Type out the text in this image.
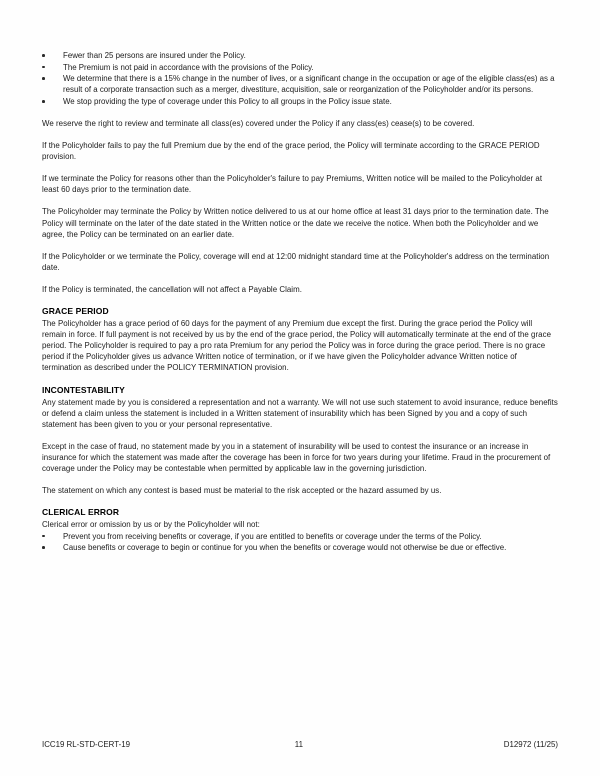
Fewer than 25 persons are insured under the Policy.
The Premium is not paid in accordance with the provisions of the Policy.
We determine that there is a 15% change in the number of lives, or a significant change in the occupation or age of the eligible class(es) as a result of a corporate transaction such as a merger, divestiture, acquisition, sale or reorganization of the Policyholder and/or its persons.
We stop providing the type of coverage under this Policy to all groups in the Policy issue state.

We reserve the right to review and terminate all class(es) covered under the Policy if any class(es) cease(s) to be covered.

If the Policyholder fails to pay the full Premium due by the end of the grace period, the Policy will terminate according to the GRACE PERIOD provision.

If we terminate the Policy for reasons other than the Policyholder's failure to pay Premiums, Written notice will be mailed to the Policyholder at least 60 days prior to the termination date.

The Policyholder may terminate the Policy by Written notice delivered to us at our home office at least 31 days prior to the termination date. The Policy will terminate on the later of the date stated in the Written notice or the date we receive the notice. When both the Policyholder and we agree, the Policy can be terminated on an earlier date.

If the Policyholder or we terminate the Policy, coverage will end at 12:00 midnight standard time at the Policyholder's address on the termination date.

If the Policy is terminated, the cancellation will not affect a Payable Claim.

GRACE PERIOD

The Policyholder has a grace period of 60 days for the payment of any Premium due except the first. During the grace period the Policy will remain in force. If full payment is not received by us by the end of the grace period, the Policy will automatically terminate at the end of the grace period. The Policyholder is required to pay a pro rata Premium for any period the Policy was in force during the grace period. There is no grace period if the Policyholder gives us advance Written notice of termination, or if we have given the Policyholder advance Written notice of termination as described under the POLICY TERMINATION provision.

INCONTESTABILITY

Any statement made by you is considered a representation and not a warranty. We will not use such statement to avoid insurance, reduce benefits or defend a claim unless the statement is included in a Written statement of insurability which has been Signed by you and a copy of such statement has been given to you or your personal representative.

Except in the case of fraud, no statement made by you in a statement of insurability will be used to contest the insurance or an increase in insurance for which the statement was made after the coverage has been in force for two years during your lifetime. Fraud in the procurement of coverage under the Policy may be contestable when permitted by applicable law in the governing jurisdiction.

The statement on which any contest is based must be material to the risk accepted or the hazard assumed by us.

CLERICAL ERROR

Clerical error or omission by us or by the Policyholder will not:

Prevent you from receiving benefits or coverage, if you are entitled to benefits or coverage under the terms of the Policy.
Cause benefits or coverage to begin or continue for you when the benefits or coverage would not otherwise be due or effective.
ICC19 RL-STD-CERT-19	11	D12972 (11/25)
